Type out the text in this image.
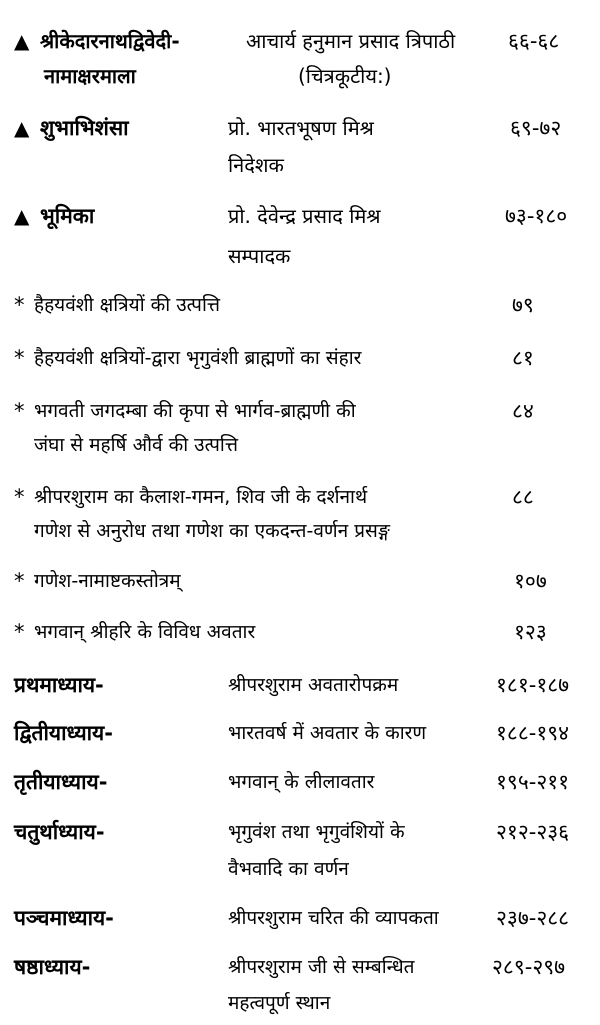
▲ श्रीकेदारनाथद्विवेदी-	आचार्य हनुमान प्रसाद त्रिपाठी	६६-६८
नामाक्षरमाला	(चित्रकूटीय:)
▲ शुभाभिशंसा	प्रो. भारतभूषण मिश्र	६९-७२
निदेशक
▲ भूमिका	प्रो. देवेन्द्र प्रसाद मिश्र	७३-१८०
सम्पादक
* हैहयवंशी क्षत्रियों की उत्पत्ति	७९
* हैहयवंशी क्षत्रियों-द्वारा भृगुवंशी ब्राह्मणों का संहार	८१
* भगवती जगदम्बा की कृपा से भार्गव-ब्राह्मणी की	८४
जंघा से महर्षि और्व की उत्पत्ति
* श्रीपरशुराम का कैलाश-गमन, शिव जी के दर्शनार्थ	८८
गणेश से अनुरोध तथा गणेश का एकदन्त-वर्णन प्रसङ्ग
* गणेश-नामाष्टकस्तोत्रम्	१०७
* भगवान् श्रीहरि के विविध अवतार	१२३
प्रथमाध्याय-	श्रीपरशुराम अवतारोपक्रम	१८१-१८७
द्वितीयाध्याय-	भारतवर्ष में अवतार के कारण	१८८-१९४
तृतीयाध्याय-	भगवान् के लीलावतार	१९५-२११
चतुर्थाध्याय-	भृगुवंश तथा भृगुवंशियों के	२१२-२३६
वैभवादि का वर्णन
पञ्चमाध्याय-	श्रीपरशुराम चरित की व्यापकता	२३७-२८८
षष्ठाध्याय-	श्रीपरशुराम जी से सम्बन्धित	२८९-२९७
महत्वपूर्ण स्थान
